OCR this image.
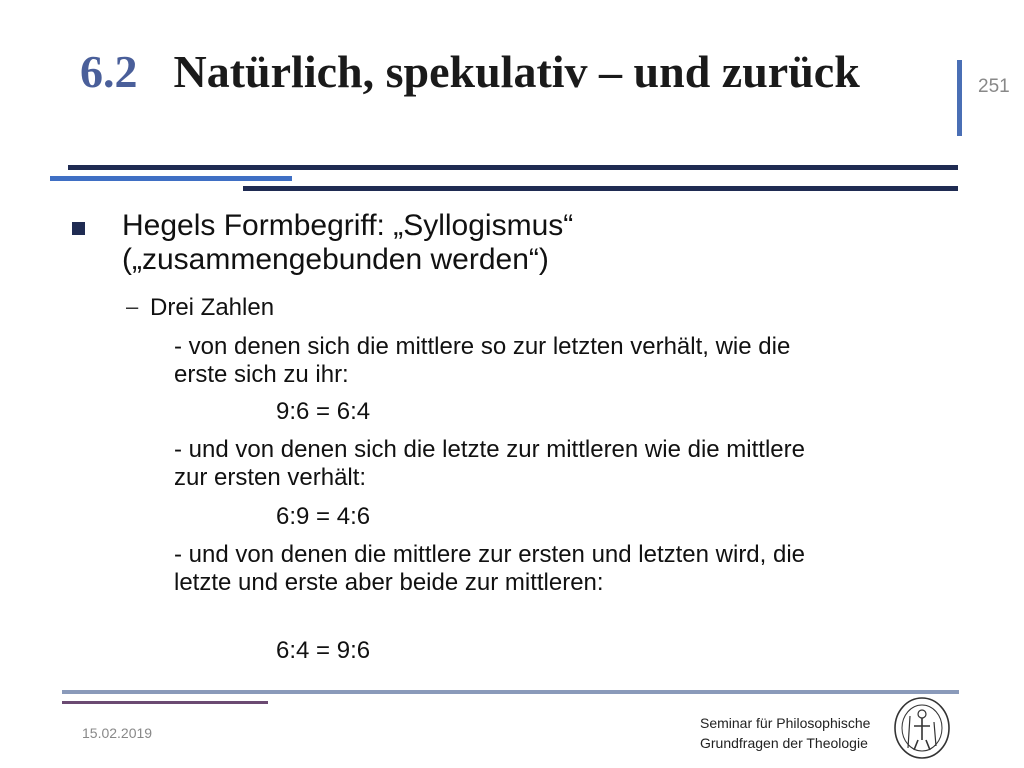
6.2 Natürlich, spekulativ – und zurück	251
Hegels Formbegriff: „Syllogismus“ („zusammengebunden werden“)
– Drei Zahlen
- von denen sich die mittlere so zur letzten verhält, wie die erste sich zu ihr:
9:6 = 6:4
- und von denen sich die letzte zur mittleren wie die mittlere zur ersten verhält:
6:9 = 4:6
- und von denen die mittlere zur ersten und letzten wird, die letzte und erste aber beide zur mittleren:
6:4 = 9:6
15.02.2019
Seminar für Philosophische
Grundfragen der Theologie
